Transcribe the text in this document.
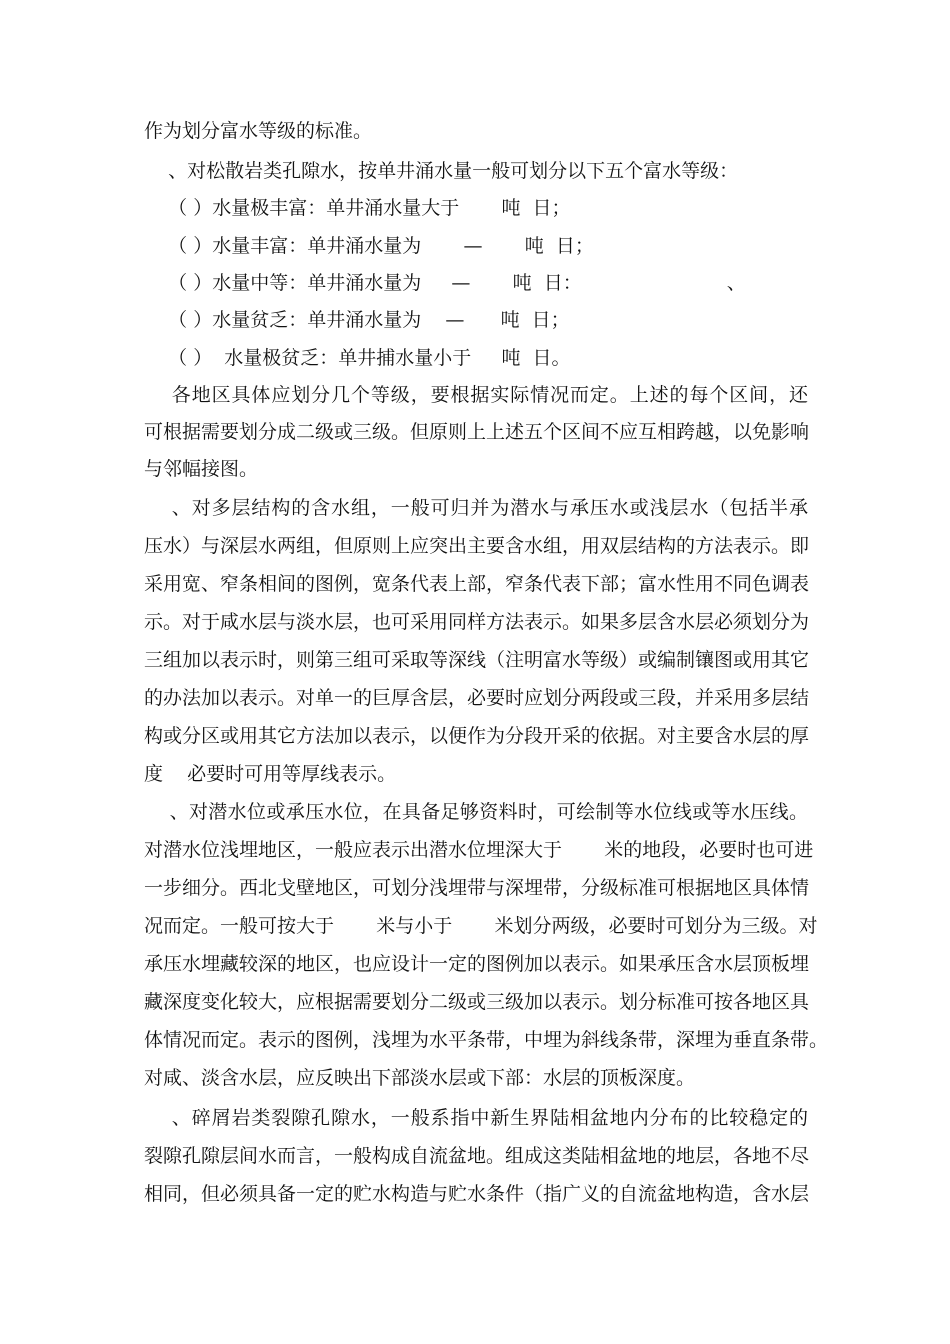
作为划分富水等级的标准。
、对松散岩类孔隙水，按单井涌水量一般可划分以下五个富水等级：
（ ）水量极丰富：单井涌水量大于       吨  日；
（ ）水量丰富：单井涌水量为       —       吨  日；
（ ）水量中等：单井涌水量为     —       吨  日：                        、
（ ）水量贫乏：单井涌水量为    —      吨  日；
（ ）  水量极贫乏：单井捕水量小于     吨  日。
各地区具体应划分几个等级，要根据实际情况而定。上述的每个区间，还
可根据需要划分成二级或三级。但原则上上述五个区间不应互相跨越，以免影响
与邻幅接图。
、对多层结构的含水组，一般可归并为潜水与承压水或浅层水（包括半承
压水）与深层水两组，但原则上应突出主要含水组，用双层结构的方法表示。即
采用宽、窄条相间的图例，宽条代表上部，窄条代表下部；富水性用不同色调表
示。对于咸水层与淡水层，也可采用同样方法表示。如果多层含水层必须划分为
三组加以表示时，则第三组可采取等深线（注明富水等级）或编制镶图或用其它
的办法加以表示。对单一的巨厚含层，必要时应划分两段或三段，并采用多层结
构或分区或用其它方法加以表示，以便作为分段开采的依据。对主要含水层的厚
度    必要时可用等厚线表示。
、对潜水位或承压水位，在具备足够资料时，可绘制等水位线或等水压线。
对潜水位浅埋地区，一般应表示出潜水位埋深大于       米的地段，必要时也可进
一步细分。西北戈壁地区，可划分浅埋带与深埋带，分级标准可根据地区具体情
况而定。一般可按大于       米与小于       米划分两级，必要时可划分为三级。对
承压水埋藏较深的地区，也应设计一定的图例加以表示。如果承压含水层顶板埋
藏深度变化较大，应根据需要划分二级或三级加以表示。划分标准可按各地区具
体情况而定。表示的图例，浅埋为水平条带，中埋为斜线条带，深埋为垂直条带。
对咸、淡含水层，应反映出下部淡水层或下部：水层的顶板深度。
、碎屑岩类裂隙孔隙水，一般系指中新生界陆相盆地内分布的比较稳定的
裂隙孔隙层间水而言，一般构成自流盆地。组成这类陆相盆地的地层，各地不尽
相同，但必须具备一定的贮水构造与贮水条件（指广义的自流盆地构造，含水层
